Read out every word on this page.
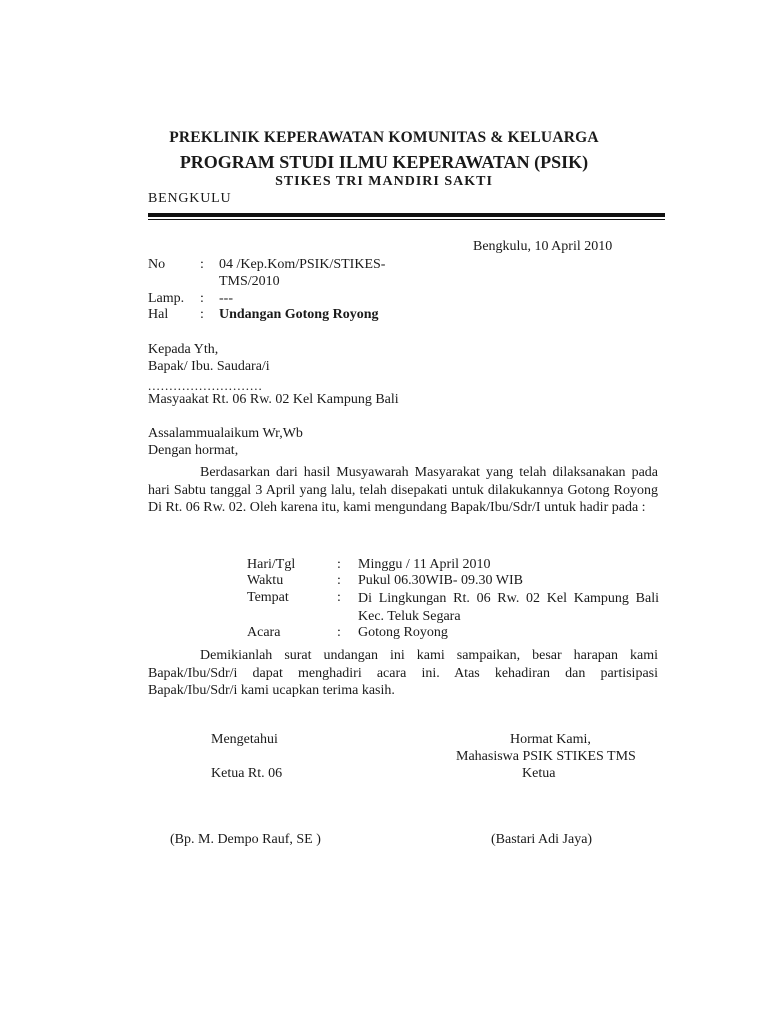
PREKLINIK KEPERAWATAN KOMUNITAS & KELUARGA
PROGRAM STUDI ILMU KEPERAWATAN (PSIK)
STIKES TRI MANDIRI SAKTI
BENGKULU
Bengkulu, 10 April 2010
No : 04 /Kep.Kom/PSIK/STIKES-
TMS/2010
Lamp. : ---
Hal : Undangan Gotong Royong
Kepada Yth,
Bapak/ Ibu. Saudara/i
...........................
Masyaakat Rt. 06 Rw. 02 Kel Kampung Bali
Assalammualaikum Wr,Wb
Dengan hormat,
Berdasarkan dari hasil Musyawarah Masyarakat yang telah dilaksanakan pada hari Sabtu tanggal 3 April yang lalu, telah disepakati untuk dilakukannya Gotong Royong Di Rt. 06 Rw. 02. Oleh karena itu, kami mengundang Bapak/Ibu/Sdr/I untuk hadir pada :
Hari/Tgl	: Minggu / 11 April 2010
Waktu	: Pukul 06.30WIB- 09.30 WIB
Tempat	: Di Lingkungan Rt. 06 Rw. 02 Kel Kampung Bali Kec. Teluk Segara
Acara	: Gotong Royong
Demikianlah surat undangan ini kami sampaikan, besar harapan kami Bapak/Ibu/Sdr/i dapat menghadiri acara ini. Atas kehadiran dan partisipasi Bapak/Ibu/Sdr/i kami ucapkan terima kasih.
Mengetahui
Ketua Rt. 06
(Bp. M. Dempo Rauf, SE )
Hormat Kami,
Mahasiswa PSIK STIKES TMS
Ketua
(Bastari Adi Jaya)
